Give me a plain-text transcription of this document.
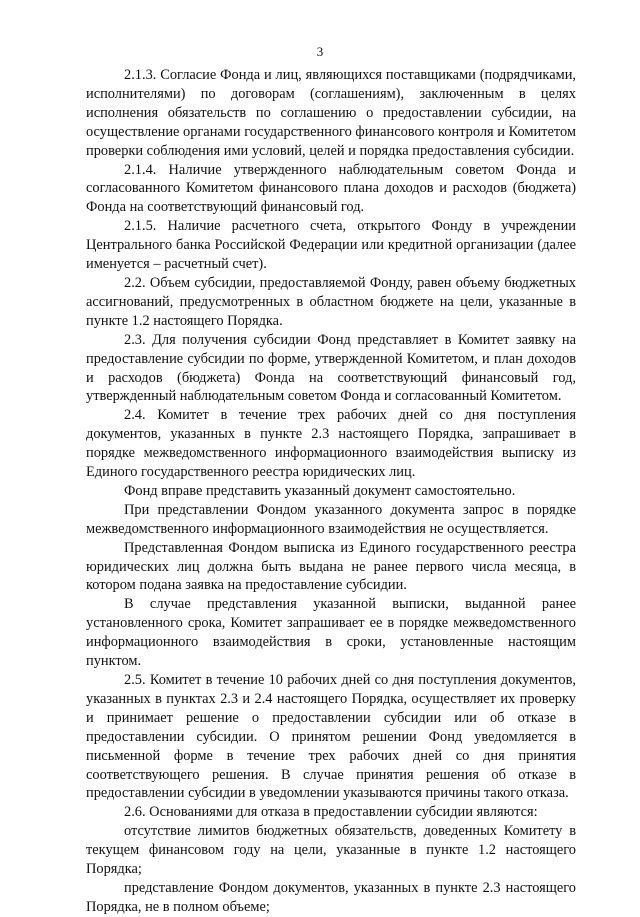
3

2.1.3. Согласие Фонда и лиц, являющихся поставщиками (подрядчиками, исполнителями) по договорам (соглашениям), заключенным в целях исполнения обязательств по соглашению о предоставлении субсидии, на осуществление органами государственного финансового контроля и Комитетом проверки соблюдения ими условий, целей и порядка предоставления субсидии.

2.1.4. Наличие утвержденного наблюдательным советом Фонда и согласованного Комитетом финансового плана доходов и расходов (бюджета) Фонда на соответствующий финансовый год.

2.1.5. Наличие расчетного счета, открытого Фонду в учреждении Центрального банка Российской Федерации или кредитной организации (далее именуется – расчетный счет).

2.2. Объем субсидии, предоставляемой Фонду, равен объему бюджетных ассигнований, предусмотренных в областном бюджете на цели, указанные в пункте 1.2 настоящего Порядка.

2.3. Для получения субсидии Фонд представляет в Комитет заявку на предоставление субсидии по форме, утвержденной Комитетом, и план доходов и расходов (бюджета) Фонда на соответствующий финансовый год, утвержденный наблюдательным советом Фонда и согласованный Комитетом.

2.4. Комитет в течение трех рабочих дней со дня поступления документов, указанных в пункте 2.3 настоящего Порядка, запрашивает в порядке межведомственного информационного взаимодействия выписку из Единого государственного реестра юридических лиц.

Фонд вправе представить указанный документ самостоятельно.

При представлении Фондом указанного документа запрос в порядке межведомственного информационного взаимодействия не осуществляется.

Представленная Фондом выписка из Единого государственного реестра юридических лиц должна быть выдана не ранее первого числа месяца, в котором подана заявка на предоставление субсидии.

В случае представления указанной выписки, выданной ранее установленного срока, Комитет запрашивает ее в порядке межведомственного информационного взаимодействия в сроки, установленные настоящим пунктом.

2.5. Комитет в течение 10 рабочих дней со дня поступления документов, указанных в пунктах 2.3 и 2.4 настоящего Порядка, осуществляет их проверку и принимает решение о предоставлении субсидии или об отказе в предоставлении субсидии. О принятом решении Фонд уведомляется в письменной форме в течение трех рабочих дней со дня принятия соответствующего решения. В случае принятия решения об отказе в предоставлении субсидии в уведомлении указываются причины такого отказа.

2.6. Основаниями для отказа в предоставлении субсидии являются:

отсутствие лимитов бюджетных обязательств, доведенных Комитету в текущем финансовом году на цели, указанные в пункте 1.2 настоящего Порядка;

представление Фондом документов, указанных в пункте 2.3 настоящего Порядка, не в полном объеме;
